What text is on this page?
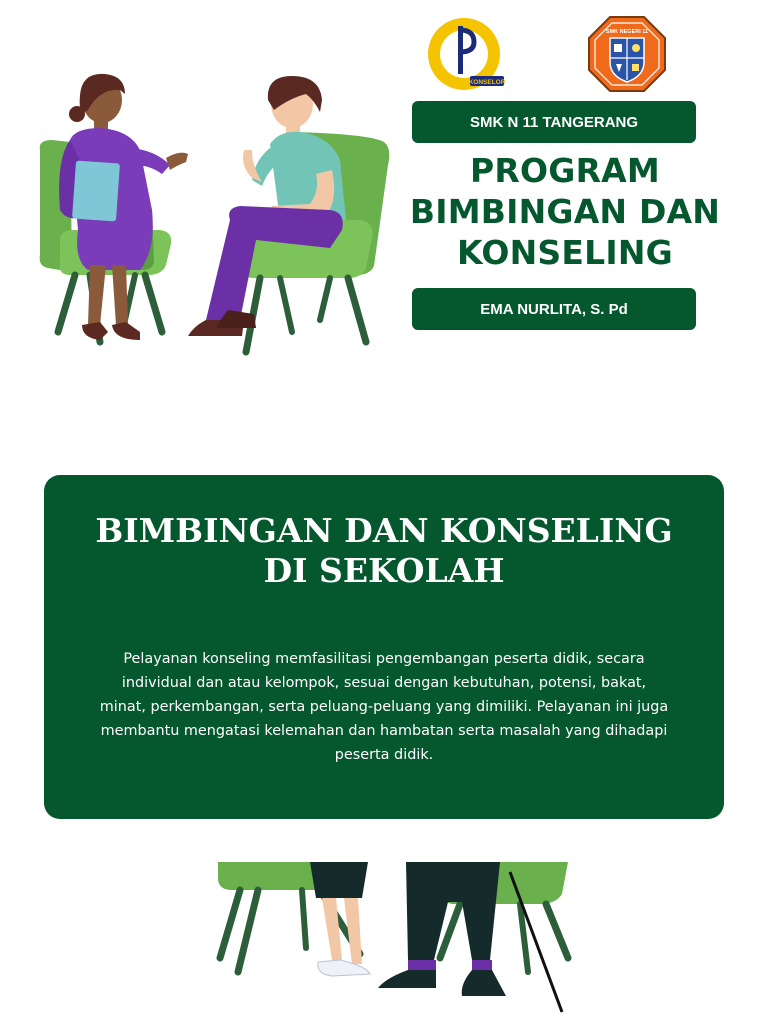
KONSELOR
SMK NEGERI 11
SMK N 11 TANGERANG
PROGRAM
BIMBINGAN DAN
KONSELING
EMA NURLITA, S. Pd
BIMBINGAN DAN KONSELING
DI SEKOLAH
Pelayanan konseling memfasilitasi pengembangan peserta didik, secara individual dan atau kelompok, sesuai dengan kebutuhan, potensi, bakat, minat, perkembangan, serta peluang-peluang yang dimiliki. Pelayanan ini juga membantu mengatasi kelemahan dan hambatan serta masalah yang dihadapi peserta didik.
